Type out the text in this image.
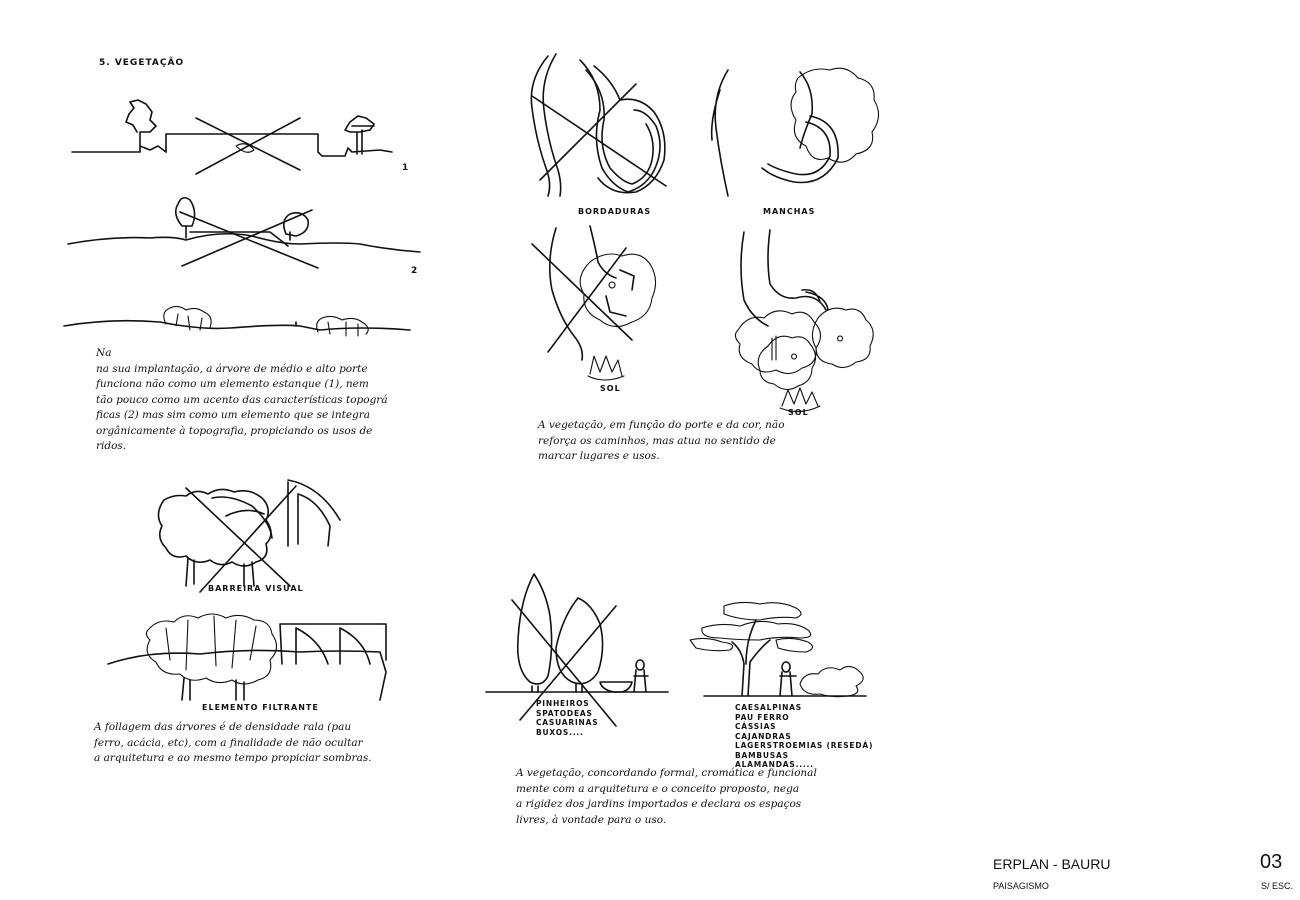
5. VEGETAÇÃO
1
2
Na
na sua implantação, a árvore de médio e alto porte
funciona não como um elemento estanque (1), nem
tão pouco como um acento das características topográ
ficas (2) mas sim como um elemento que se integra
orgânicamente à topografia, propiciando os usos de
ridos.
BARREIRA VISUAL
ELEMENTO FILTRANTE
A follagem das árvores é de densidade rala (pau
ferro, acácia, etc), com a finalidade de não ocultar
a arquitetura e ao mesmo tempo propiciar sombras.
BORDADURAS	MANCHAS
SOL
SOL
A vegetação, em função do porte e da cor, não
reforça os caminhos, mas atua no sentido de
marcar lugares e usos.
PINHEIROS
SPATODEAS
CASUARINAS
BUXOS....
CAESALPINAS
PAU FERRO
CÁSSIAS
CAJANDRAS
LAGERSTROEMIAS (RESEDÁ)
BAMBUSAS
ALAMANDAS.....
A vegetação, concordando formal, cromática e funcional
mente com a arquitetura e o conceito proposto, nega
a rigidez dos jardins importados e declara os espaços
livres, à vontade para o uso.
ERPLAN - BAURU
PAISAGISMO
03
S/ ESC.
